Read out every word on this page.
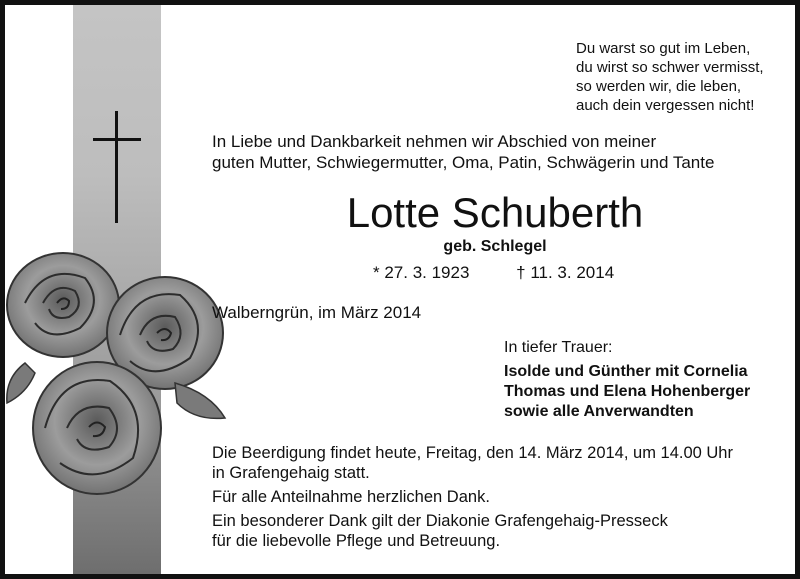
Du warst so gut im Leben,
du wirst so schwer vermisst,
so werden wir, die leben,
auch dein vergessen nicht!
In Liebe und Dankbarkeit nehmen wir Abschied von meiner
guten Mutter, Schwiegermutter, Oma, Patin, Schwägerin und Tante
Lotte Schuberth
geb. Schlegel
* 27. 3. 1923	† 11. 3. 2014
Walberngrün, im März 2014
In tiefer Trauer:
Isolde und Günther mit Cornelia
Thomas und Elena Hohenberger
sowie alle Anverwandten

Die Beerdigung findet heute, Freitag, den 14. März 2014, um 14.00 Uhr
in Grafengehaig statt.

Für alle Anteilnahme herzlichen Dank.

Ein besonderer Dank gilt der Diakonie Grafengehaig-Presseck
für die liebevolle Pflege und Betreuung.
